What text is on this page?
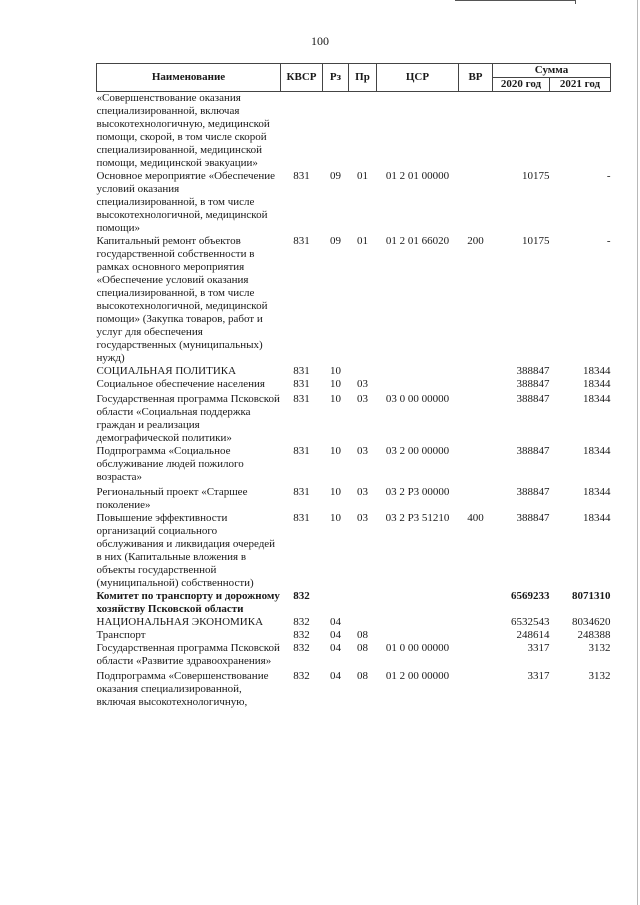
100
Наименование	КВСР	Рз	Пр	ЦСР	ВР	Сумма	
						2020 год	2021 год
«Совершенствование оказания специализированной, включая высокотехнологичную, медицинской помощи, скорой, в том числе скорой специализированной, медицинской помощи, медицинской эвакуации»							
Основное мероприятие «Обеспечение условий оказания специализированной, в том числе высокотехнологичной, медицинской помощи»	831	09	01	01 2 01 00000		10175	-
Капитальный ремонт объектов государственной собственности в рамках основного мероприятия «Обеспечение условий оказания специализированной, в том числе высокотехнологичной, медицинской помощи» (Закупка товаров, работ и услуг для обеспечения государственных (муниципальных) нужд)	831	09	01	01 2 01 66020	200	10175	-
СОЦИАЛЬНАЯ ПОЛИТИКА	831	10				388847	18344
Социальное обеспечение населения	831	10	03			388847	18344
Государственная программа Псковской области «Социальная поддержка граждан и реализация демографической политики»	831	10	03	03 0 00 00000		388847	18344
Подпрограмма «Социальное обслуживание людей пожилого возраста»	831	10	03	03 2 00 00000		388847	18344
Региональный проект «Старшее поколение»	831	10	03	03 2 Р3 00000		388847	18344
Повышение эффективности организаций социального обслуживания и ликвидация очередей в них (Капитальные вложения в объекты государственной (муниципальной) собственности)	831	10	03	03 2 Р3 51210	400	388847	18344
Комитет по транспорту и дорожному хозяйству Псковской области	832					6569233	8071310
НАЦИОНАЛЬНАЯ ЭКОНОМИКА	832	04				6532543	8034620
Транспорт	832	04	08			248614	248388
Государственная программа Псковской области «Развитие здравоохранения»	832	04	08	01 0 00 00000		3317	3132
Подпрограмма «Совершенствование оказания специализированной, включая высокотехнологичную,	832	04	08	01 2 00 00000		3317	3132
